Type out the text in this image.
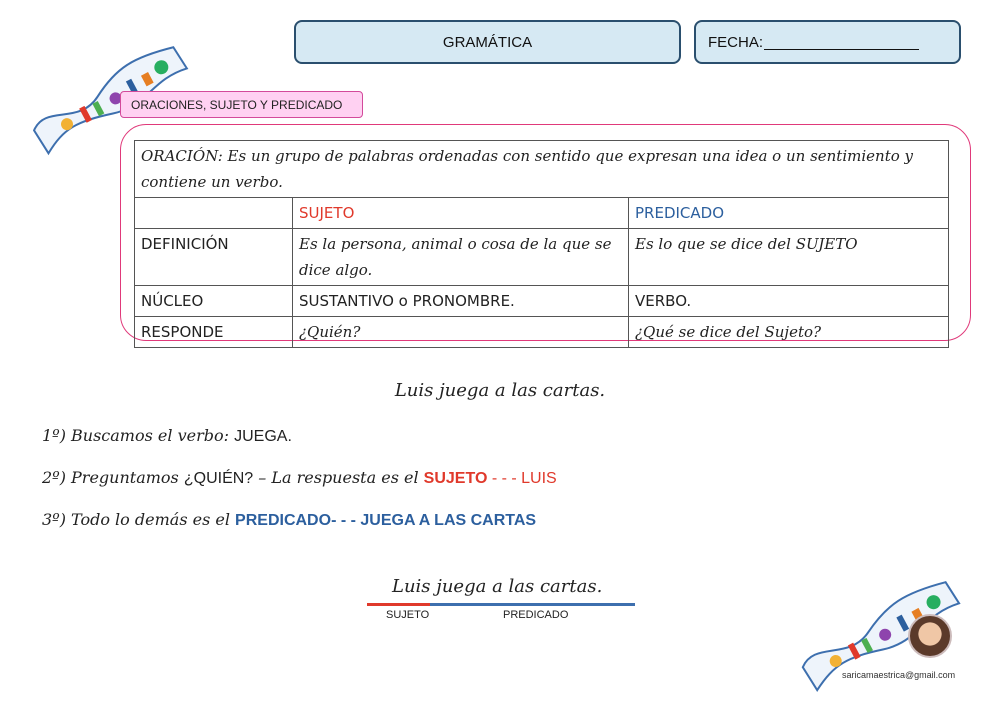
GRAMÁTICA	FECHA:
ORACIONES, SUJETO Y PREDICADO
ORACIÓN: Es un grupo de palabras ordenadas con sentido que expresan una idea o un sentimiento y contiene un verbo.		
	SUJETO	PREDICADO
DEFINICIÓN	Es la persona, animal o cosa de la que se dice algo.	Es lo que se dice del SUJETO
NÚCLEO	SUSTANTIVO o PRONOMBRE.	VERBO.
RESPONDE	¿Quién?	¿Qué se dice del Sujeto?
Luis juega a las cartas.
1º) Buscamos el verbo: JUEGA.
2º) Preguntamos ¿QUIÉN? – La respuesta es el SUJETO - - - LUIS
3º) Todo lo demás es el PREDICADO- - - JUEGA A LAS CARTAS
Luis juega a las cartas.
SUJETO	PREDICADO
saricamaestrica@gmail.com
